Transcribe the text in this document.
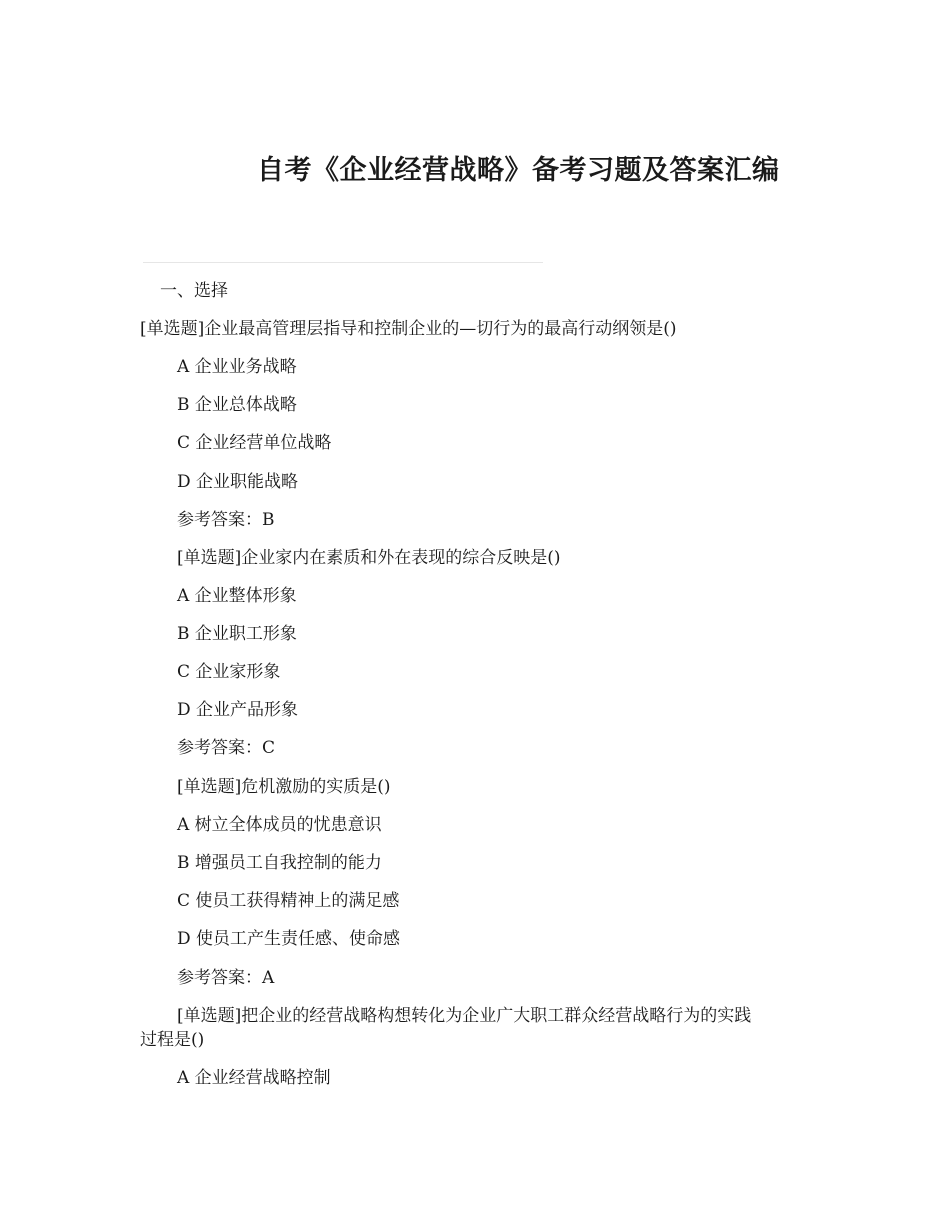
自考《企业经营战略》备考习题及答案汇编
一、选择
[单选题]企业最高管理层指导和控制企业的—切行为的最高行动纲领是()
A 企业业务战略
B 企业总体战略
C 企业经营单位战略
D 企业职能战略
参考答案：B
[单选题]企业家内在素质和外在表现的综合反映是()
A 企业整体形象
B 企业职工形象
C 企业家形象
D 企业产品形象
参考答案：C
[单选题]危机激励的实质是()
A 树立全体成员的忧患意识
B 增强员工自我控制的能力
C 使员工获得精神上的满足感
D 使员工产生责任感、使命感
参考答案：A
[单选题]把企业的经营战略构想转化为企业广大职工群众经营战略行为的实践
过程是()
A 企业经营战略控制
